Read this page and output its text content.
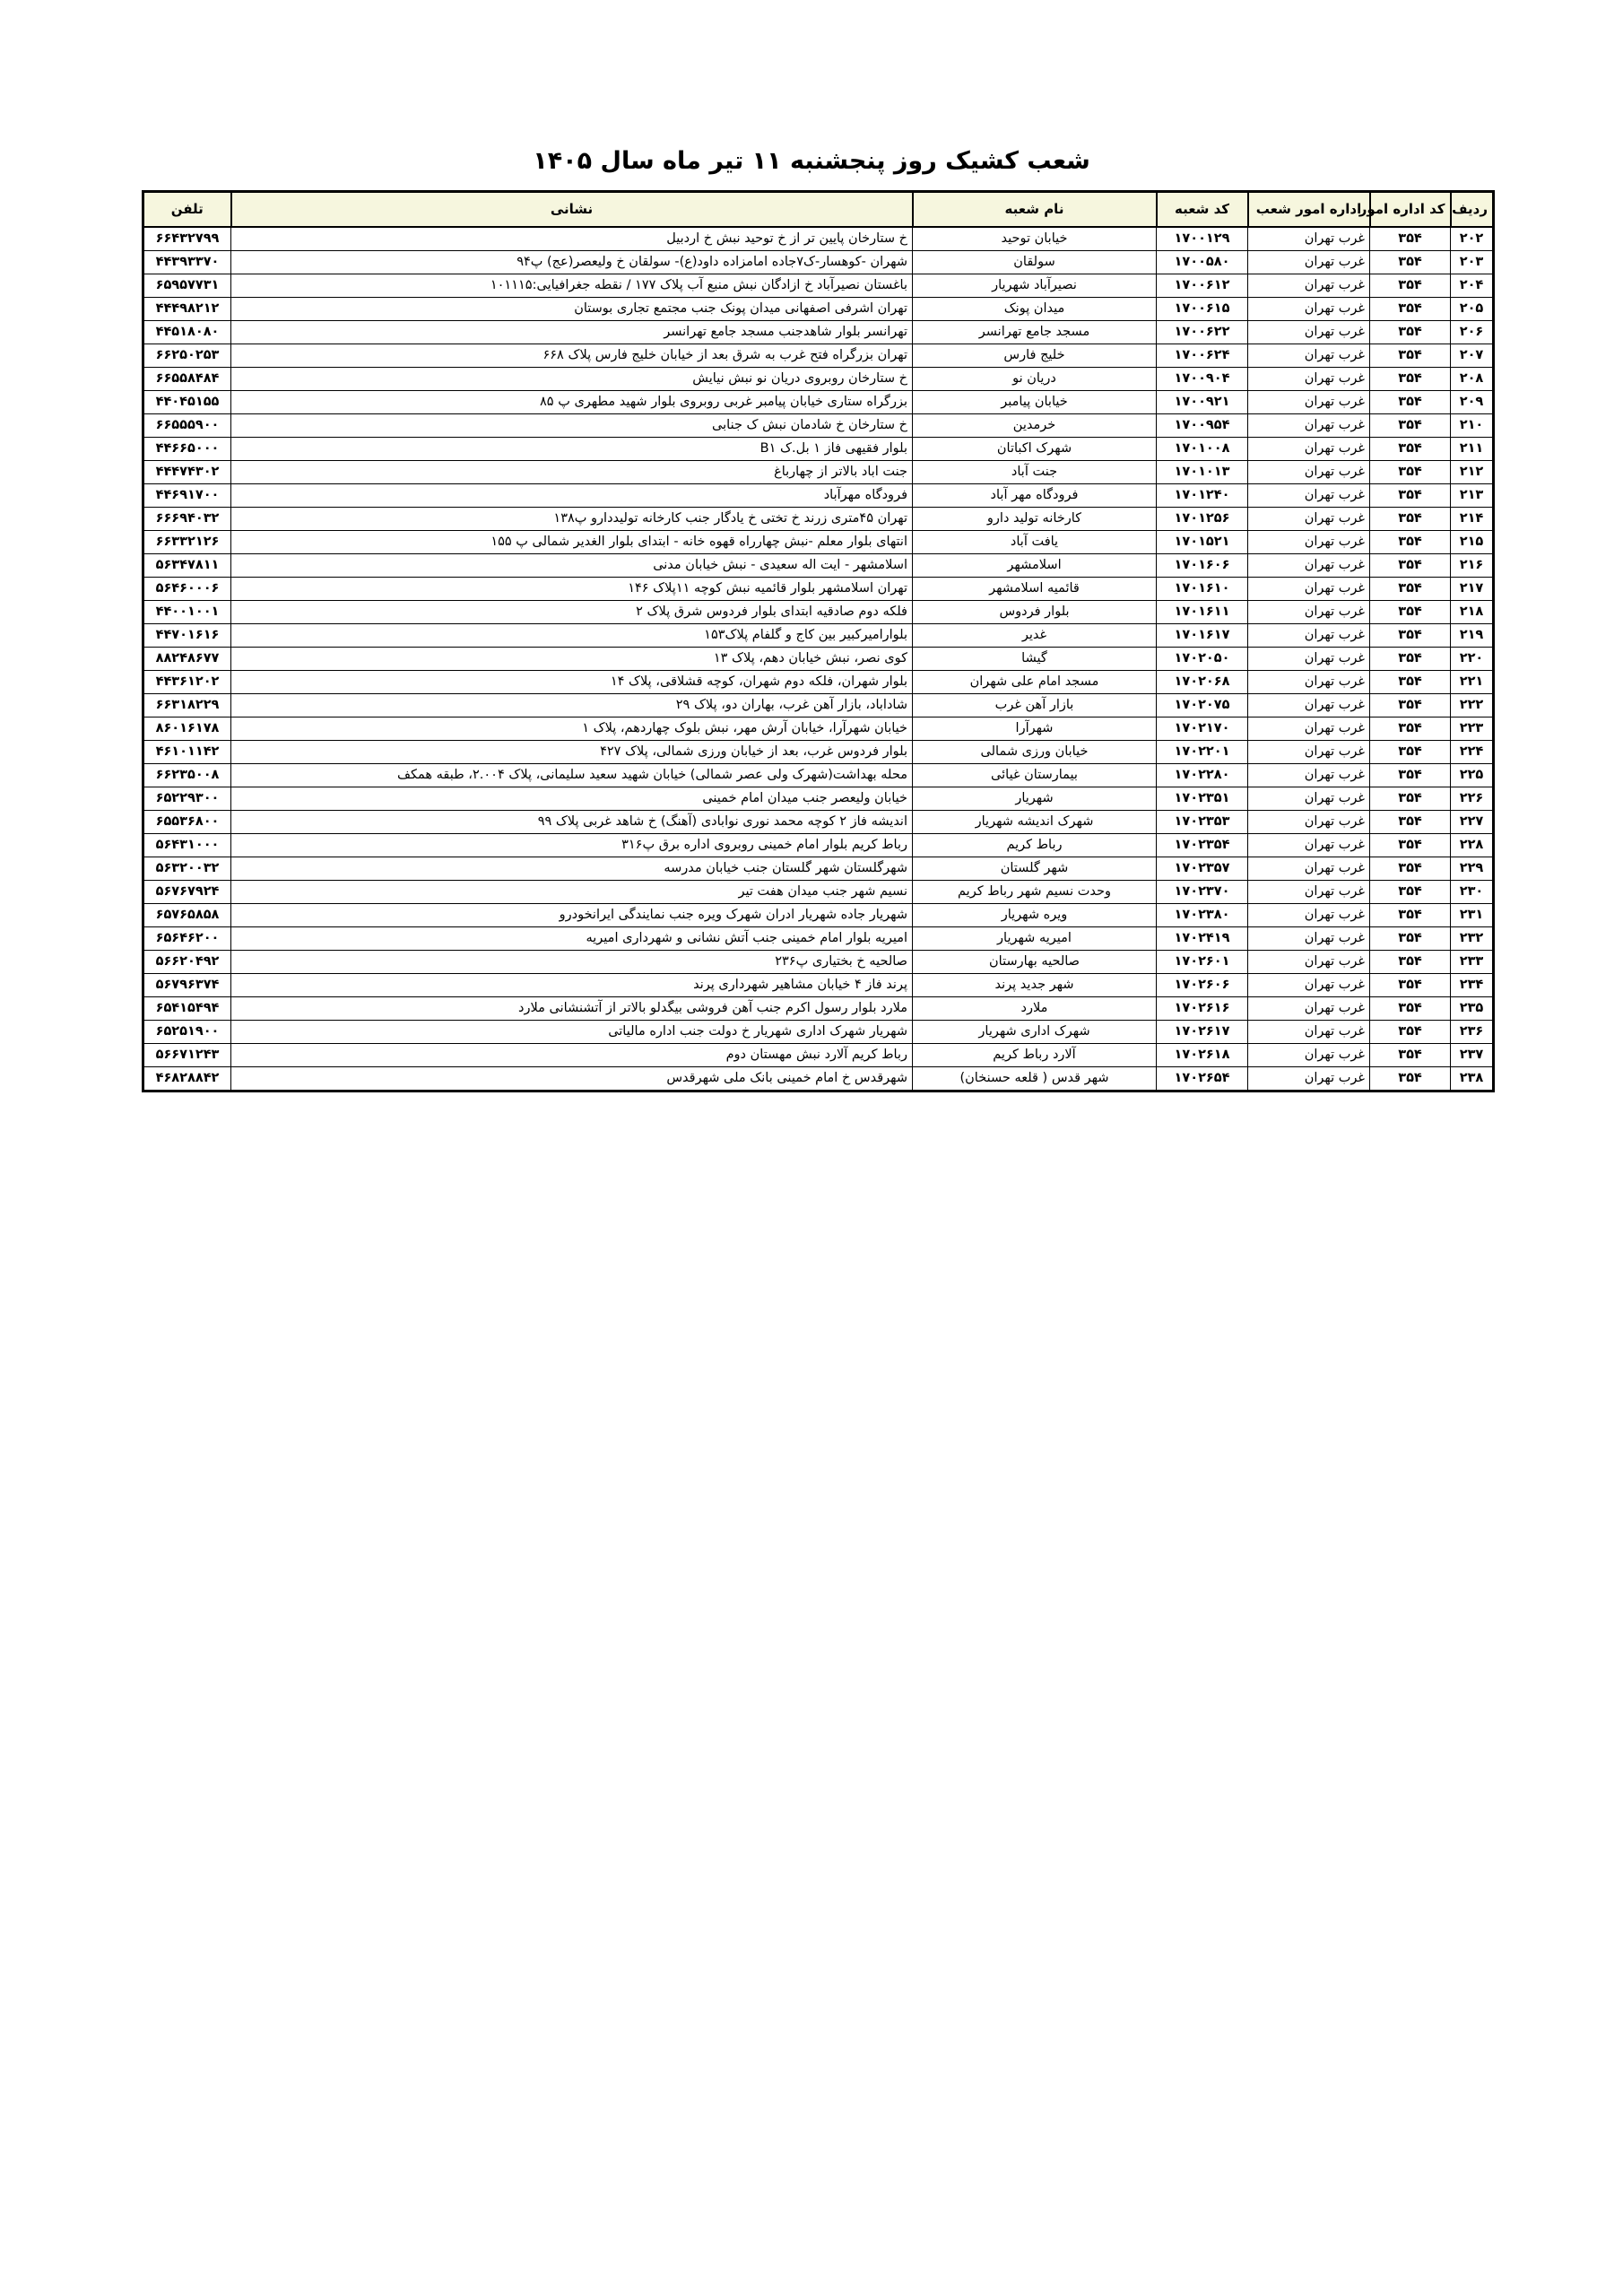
شعب کشیک روز پنجشنبه ۱۱ تیر ماه سال ۱۴۰۵
ردیف	کد اداره امور	اداره امور شعب	کد شعبه	نام شعبه	نشانی	تلفن
۲۰۲	۳۵۴	غرب تهران	۱۷۰۰۱۲۹	خیابان توحید	خ ستارخان پایین تر از خ توحید نبش خ اردبیل	۶۶۴۳۲۷۹۹
۲۰۳	۳۵۴	غرب تهران	۱۷۰۰۵۸۰	سولقان	شهران -کوهسار-ک۷جاده امامزاده داود(ع)- سولقان خ ولیعصر(عج) پ۹۴	۴۴۳۹۳۳۷۰
۲۰۴	۳۵۴	غرب تهران	۱۷۰۰۶۱۲	نصیرآباد شهریار	باغستان نصیرآباد خ ازادگان نبش منبع آب پلاک ۱۷۷ / نقطه جغرافیایی:۱۰۱۱۱۵	۶۵۹۵۷۷۳۱
۲۰۵	۳۵۴	غرب تهران	۱۷۰۰۶۱۵	میدان پونک	تهران اشرفی اصفهانی میدان پونک جنب مجتمع تجاری بوستان	۴۴۴۹۸۲۱۲
۲۰۶	۳۵۴	غرب تهران	۱۷۰۰۶۲۲	مسجد جامع تهرانسر	تهرانسر بلوار شاهدجنب مسجد جامع تهرانسر	۴۴۵۱۸۰۸۰
۲۰۷	۳۵۴	غرب تهران	۱۷۰۰۶۲۴	خلیج فارس	تهران بزرگراه فتح غرب به شرق بعد از خیابان خلیج فارس پلاک ۶۶۸	۶۶۲۵۰۲۵۳
۲۰۸	۳۵۴	غرب تهران	۱۷۰۰۹۰۴	دریان نو	خ ستارخان روبروی دریان نو نبش نیایش	۶۶۵۵۸۴۸۴
۲۰۹	۳۵۴	غرب تهران	۱۷۰۰۹۲۱	خیابان پیامبر	بزرگراه ستاری خیابان پیامبر غربی روبروی بلوار شهید مطهری پ ۸۵	۴۴۰۴۵۱۵۵
۲۱۰	۳۵۴	غرب تهران	۱۷۰۰۹۵۴	خرمدین	خ ستارخان خ شادمان نبش ک جنابی	۶۶۵۵۵۹۰۰
۲۱۱	۳۵۴	غرب تهران	۱۷۰۱۰۰۸	شهرک اکباتان	بلوار فقیهی فاز ۱ بل.ک B۱	۴۴۶۶۵۰۰۰
۲۱۲	۳۵۴	غرب تهران	۱۷۰۱۰۱۳	جنت آباد	جنت اباد بالاتر از چهارباغ	۴۴۴۷۴۳۰۲
۲۱۳	۳۵۴	غرب تهران	۱۷۰۱۲۴۰	فرودگاه مهر آباد	فرودگاه مهرآباد	۴۴۶۹۱۷۰۰
۲۱۴	۳۵۴	غرب تهران	۱۷۰۱۲۵۶	کارخانه تولید دارو	تهران ۴۵متری زرند خ تختی خ یادگار جنب کارخانه تولیددارو پ۱۳۸	۶۶۶۹۴۰۳۲
۲۱۵	۳۵۴	غرب تهران	۱۷۰۱۵۲۱	یافت آباد	انتهای بلوار معلم -نبش چهارراه قهوه خانه - ابتدای بلوار الغدیر شمالی پ ۱۵۵	۶۶۳۳۲۱۲۶
۲۱۶	۳۵۴	غرب تهران	۱۷۰۱۶۰۶	اسلامشهر	اسلامشهر - ایت اله سعیدی - نبش خیابان مدنی	۵۶۳۴۷۸۱۱
۲۱۷	۳۵۴	غرب تهران	۱۷۰۱۶۱۰	قائمیه اسلامشهر	تهران اسلامشهر بلوار قائمیه نبش کوچه ۱۱پلاک ۱۴۶	۵۶۴۶۰۰۰۶
۲۱۸	۳۵۴	غرب تهران	۱۷۰۱۶۱۱	بلوار فردوس	فلکه دوم صادقیه ابتدای بلوار فردوس شرق پلاک ۲	۴۴۰۰۱۰۰۱
۲۱۹	۳۵۴	غرب تهران	۱۷۰۱۶۱۷	غدیر	بلوارامیرکبیر بین کاج و گلفام پلاک۱۵۳	۴۴۷۰۱۶۱۶
۲۲۰	۳۵۴	غرب تهران	۱۷۰۲۰۵۰	گیشا	کوی نصر، نبش خیابان دهم، پلاک ۱۳	۸۸۲۴۸۶۷۷
۲۲۱	۳۵۴	غرب تهران	۱۷۰۲۰۶۸	مسجد امام علی شهران	بلوار شهران، فلکه دوم شهران، کوچه قشلاقی، پلاک ۱۴	۴۴۳۶۱۲۰۲
۲۲۲	۳۵۴	غرب تهران	۱۷۰۲۰۷۵	بازار آهن غرب	شاداباد، بازار آهن غرب، بهاران دو، پلاک ۲۹	۶۶۳۱۸۲۲۹
۲۲۳	۳۵۴	غرب تهران	۱۷۰۲۱۷۰	شهرآرا	خیابان شهرآرا، خیابان آرش مهر، نبش بلوک چهاردهم، پلاک ۱	۸۶۰۱۶۱۷۸
۲۲۴	۳۵۴	غرب تهران	۱۷۰۲۲۰۱	خیابان ورزی شمالی	بلوار فردوس غرب، بعد از خیابان ورزی شمالی، پلاک ۴۲۷	۴۶۱۰۱۱۴۲
۲۲۵	۳۵۴	غرب تهران	۱۷۰۲۲۸۰	بیمارستان غیائی	محله بهداشت(شهرک ولی عصر شمالی) خیابان شهید سعید سلیمانی، پلاک ۲.۰۰۴، طبقه همکف	۶۶۲۳۵۰۰۸
۲۲۶	۳۵۴	غرب تهران	۱۷۰۲۳۵۱	شهریار	خیابان ولیعصر جنب میدان امام خمینی	۶۵۲۲۹۳۰۰
۲۲۷	۳۵۴	غرب تهران	۱۷۰۲۳۵۳	شهرک اندیشه شهریار	اندیشه فاز ۲ کوچه محمد نوری نوابادی (آهنگ) خ شاهد غربی پلاک ۹۹	۶۵۵۳۶۸۰۰
۲۲۸	۳۵۴	غرب تهران	۱۷۰۲۳۵۴	رباط کریم	رباط کریم بلوار امام خمینی روبروی اداره برق پ۳۱۶	۵۶۴۳۱۰۰۰
۲۲۹	۳۵۴	غرب تهران	۱۷۰۲۳۵۷	شهر گلستان	شهرگلستان شهر گلستان جنب خیابان مدرسه	۵۶۳۲۰۰۳۲
۲۳۰	۳۵۴	غرب تهران	۱۷۰۲۳۷۰	وحدت نسیم شهر رباط کریم	نسیم شهر جنب میدان هفت تیر	۵۶۷۶۷۹۲۴
۲۳۱	۳۵۴	غرب تهران	۱۷۰۲۳۸۰	ویره شهریار	شهریار جاده شهریار ادران شهرک ویره جنب نمایندگی ایرانخودرو	۶۵۷۶۵۸۵۸
۲۳۲	۳۵۴	غرب تهران	۱۷۰۲۴۱۹	امیریه شهریار	امیریه بلوار امام خمینی جنب آتش نشانی و شهرداری امیریه	۶۵۶۴۶۲۰۰
۲۳۳	۳۵۴	غرب تهران	۱۷۰۲۶۰۱	صالحیه بهارستان	صالحیه خ بختیاری پ۲۳۶	۵۶۶۲۰۴۹۲
۲۳۴	۳۵۴	غرب تهران	۱۷۰۲۶۰۶	شهر جدید پرند	پرند فاز ۴ خیابان مشاهیر شهرداری پرند	۵۶۷۹۶۳۷۴
۲۳۵	۳۵۴	غرب تهران	۱۷۰۲۶۱۶	ملارد	ملارد بلوار رسول اکرم جنب آهن فروشی بیگدلو بالاتر از آتشنشانی ملارد	۶۵۴۱۵۴۹۴
۲۳۶	۳۵۴	غرب تهران	۱۷۰۲۶۱۷	شهرک اداری شهریار	شهریار شهرک اداری شهریار خ دولت جنب اداره مالیاتی	۶۵۲۵۱۹۰۰
۲۳۷	۳۵۴	غرب تهران	۱۷۰۲۶۱۸	آلارد رباط کریم	رباط کریم آلارد نبش مهستان دوم	۵۶۶۷۱۲۴۳
۲۳۸	۳۵۴	غرب تهران	۱۷۰۲۶۵۴	شهر قدس ( قلعه حسنخان)	شهرقدس خ امام خمینی بانک ملی شهرقدس	۴۶۸۲۸۸۴۲
